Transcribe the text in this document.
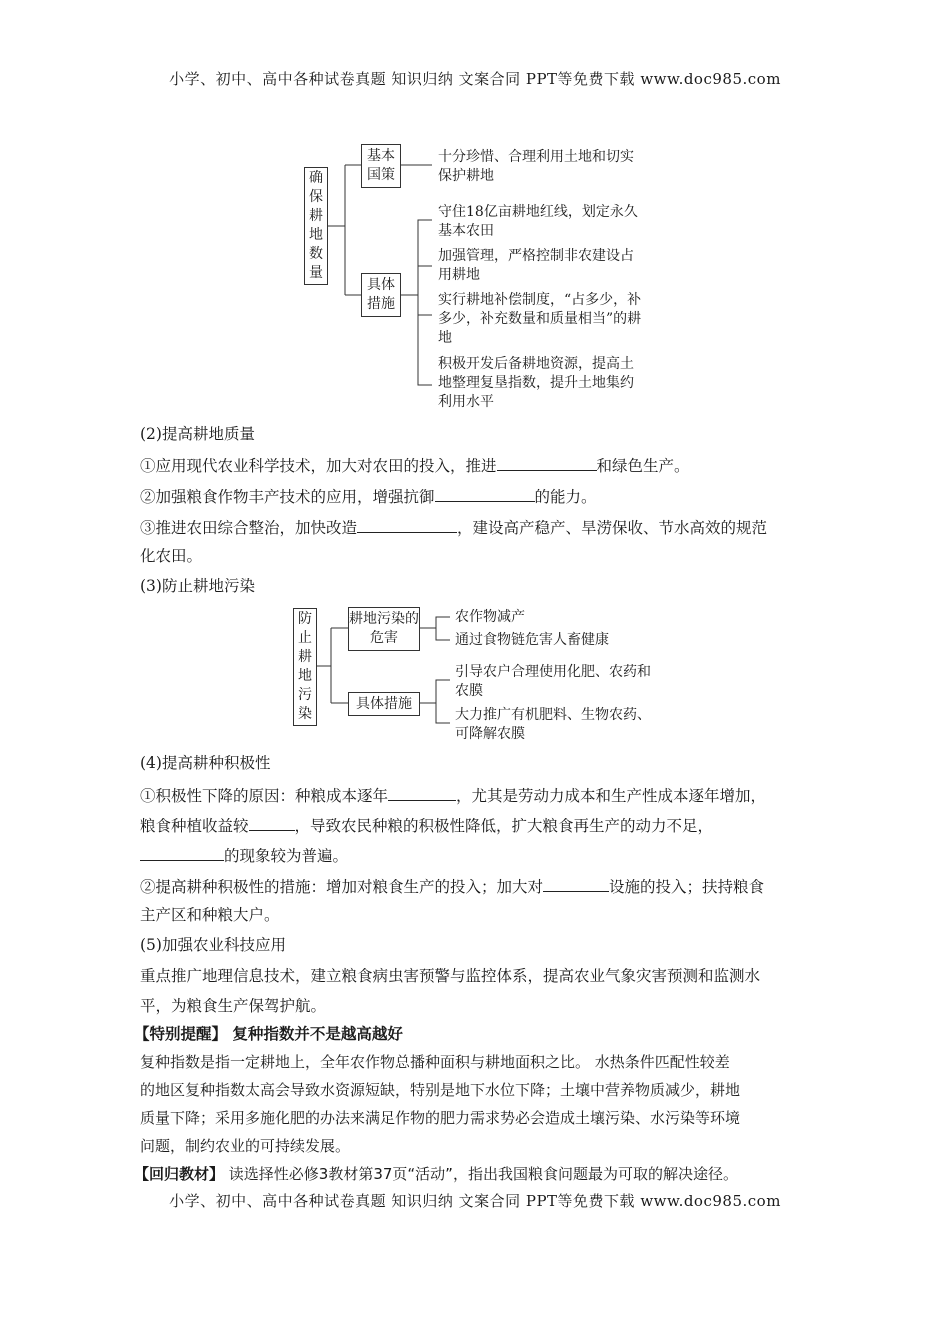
小学、初中、高中各种试卷真题 知识归纳 文案合同 PPT等免费下载 www.doc985.com
确
保
耕
地
数
量
基本国策
具体措施
十分珍惜、合理利用土地和切实保护耕地
守住18亿亩耕地红线，划定永久基本农田
加强管理，严格控制非农建设占用耕地
实行耕地补偿制度，“占多少，补多少，补充数量和质量相当”的耕地
积极开发后备耕地资源，提高土地整理复垦指数，提升土地集约利用水平
(2)提高耕地质量
①应用现代农业科学技术，加大对农田的投入，推进	和绿色生产。
②加强粮食作物丰产技术的应用，增强抗御	的能力。
③推进农田综合整治，加快改造	，建设高产稳产、旱涝保收、节水高效的规范
化农田。
(3)防止耕地污染
防
止
耕
地
污
染
耕地污染的危害
具体措施
农作物减产
通过食物链危害人畜健康
引导农户合理使用化肥、农药和农膜
大力推广有机肥料、生物农药、可降解农膜
(4)提高耕种积极性
①积极性下降的原因：种粮成本逐年	，尤其是劳动力成本和生产性成本逐年增加，
粮食种植收益较	，导致农民种粮的积极性降低，扩大粮食再生产的动力不足，
的现象较为普遍。
②提高耕种积极性的措施：增加对粮食生产的投入；加大对	设施的投入；扶持粮食
主产区和种粮大户。
(5)加强农业科技应用
重点推广地理信息技术，建立粮食病虫害预警与监控体系，提高农业气象灾害预测和监测水
平，为粮食生产保驾护航。
【特别提醒】 复种指数并不是越高越好
复种指数是指一定耕地上，全年农作物总播种面积与耕地面积之比。 水热条件匹配性较差
的地区复种指数太高会导致水资源短缺，特别是地下水位下降；土壤中营养物质减少，耕地
质量下降；采用多施化肥的办法来满足作物的肥力需求势必会造成土壤污染、水污染等环境
问题，制约农业的可持续发展。
【回归教材】 读选择性必修3教材第37页“活动”，指出我国粮食问题最为可取的解决途径。
小学、初中、高中各种试卷真题 知识归纳 文案合同 PPT等免费下载 www.doc985.com
